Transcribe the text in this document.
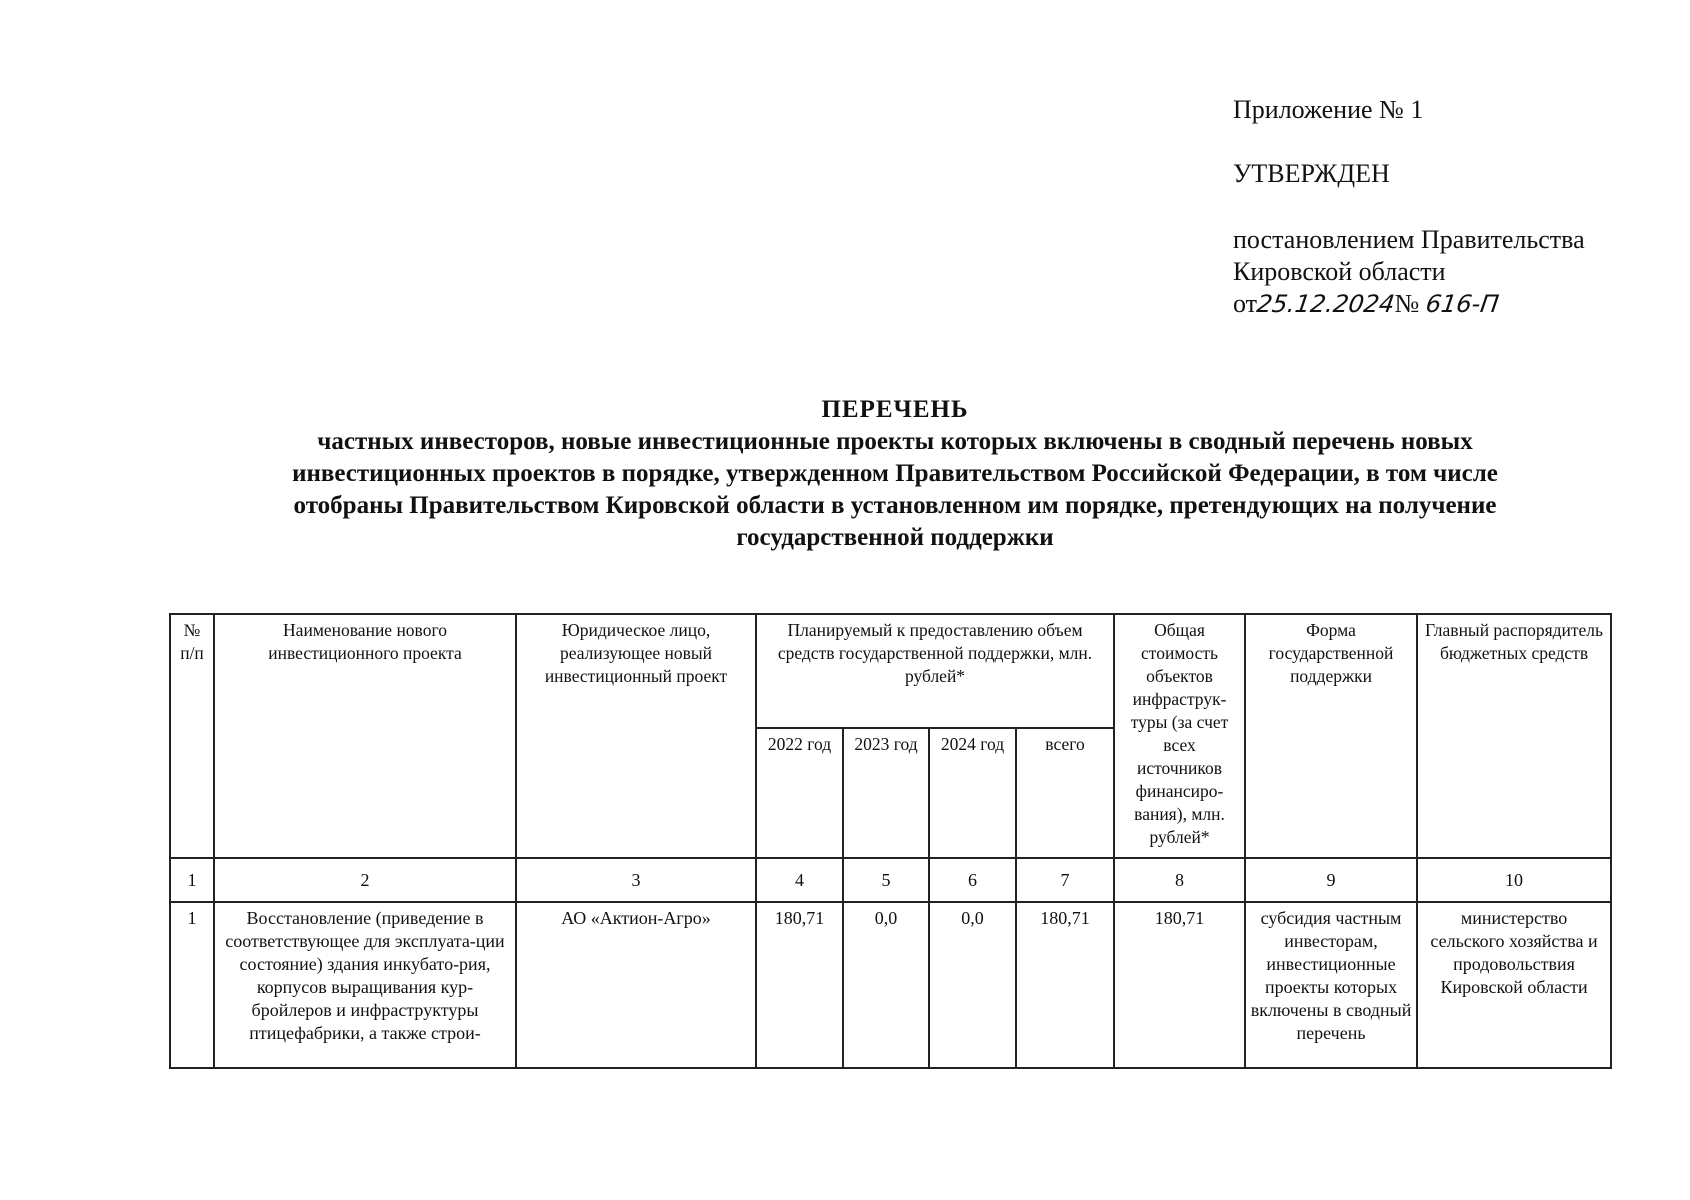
Приложение № 1
УТВЕРЖДЕН
постановлением Правительства
Кировской области
от25.12.2024№ 616-П
ПЕРЕЧЕНЬ
частных инвесторов, новые инвестиционные проекты которых включены в сводный перечень новых
инвестиционных проектов в порядке, утвержденном Правительством Российской Федерации, в том числе
отобраны Правительством Кировской области в установленном им порядке, претендующих на получение
государственной поддержки
№ п/п	Наименование нового инвестиционного проекта	Юридическое лицо, реализующее новый инвестиционный проект	Планируемый к предоставлению объем средств государственной поддержки, млн. рублей*				Общая стоимость объектов инфраструк-туры (за счет всех источников финансиро-вания), млн. рублей*	Форма государственной поддержки	Главный распорядитель бюджетных средств
			2022 год	2023 год	2024 год	всего			
1	2	3	4	5	6	7	8	9	10
1	Восстановление (приведение в соответствующее для эксплуата-ции состояние) здания инкубато-рия, корпусов выращивания кур-бройлеров и инфраструктуры птицефабрики, а также строи-	АО «Актион-Агро»	180,71	0,0	0,0	180,71	180,71	субсидия частным инвесторам, инвестиционные проекты которых включены в сводный перечень	министерство сельского хозяйства и продовольствия Кировской области
